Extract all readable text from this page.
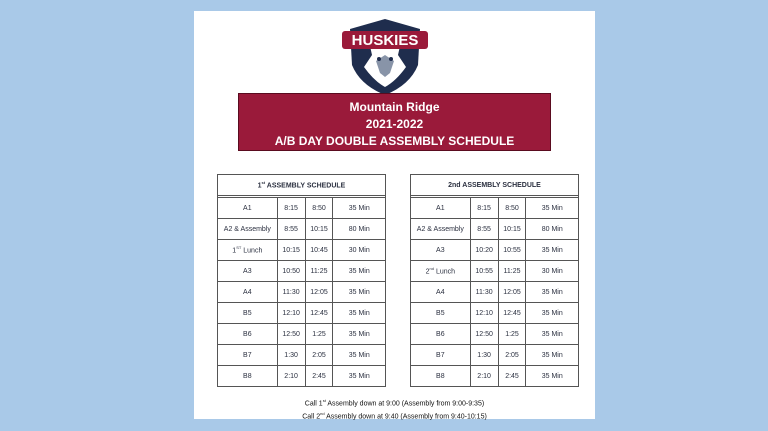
HUSKIES
Mountain Ridge
2021-2022
A/B DAY DOUBLE ASSEMBLY SCHEDULE
1st ASSEMBLY SCHEDULE			

A1	8:15	8:50	35 Min
A2 & Assembly	8:55	10:15	80 Min
1ST Lunch	10:15	10:45	30 Min
A3	10:50	11:25	35 Min
A4	11:30	12:05	35 Min
B5	12:10	12:45	35 Min
B6	12:50	1:25	35 Min
B7	1:30	2:05	35 Min
B8	2:10	2:45	35 Min
2nd ASSEMBLY SCHEDULE			

A1	8:15	8:50	35 Min
A2 & Assembly	8:55	10:15	80 Min
A3	10:20	10:55	35 Min
2nd Lunch	10:55	11:25	30 Min
A4	11:30	12:05	35 Min
B5	12:10	12:45	35 Min
B6	12:50	1:25	35 Min
B7	1:30	2:05	35 Min
B8	2:10	2:45	35 Min
Call 1st Assembly down at 9:00 (Assembly from 9:00-9:35)
Call 2nd Assembly down at 9:40 (Assembly from 9:40-10:15)
